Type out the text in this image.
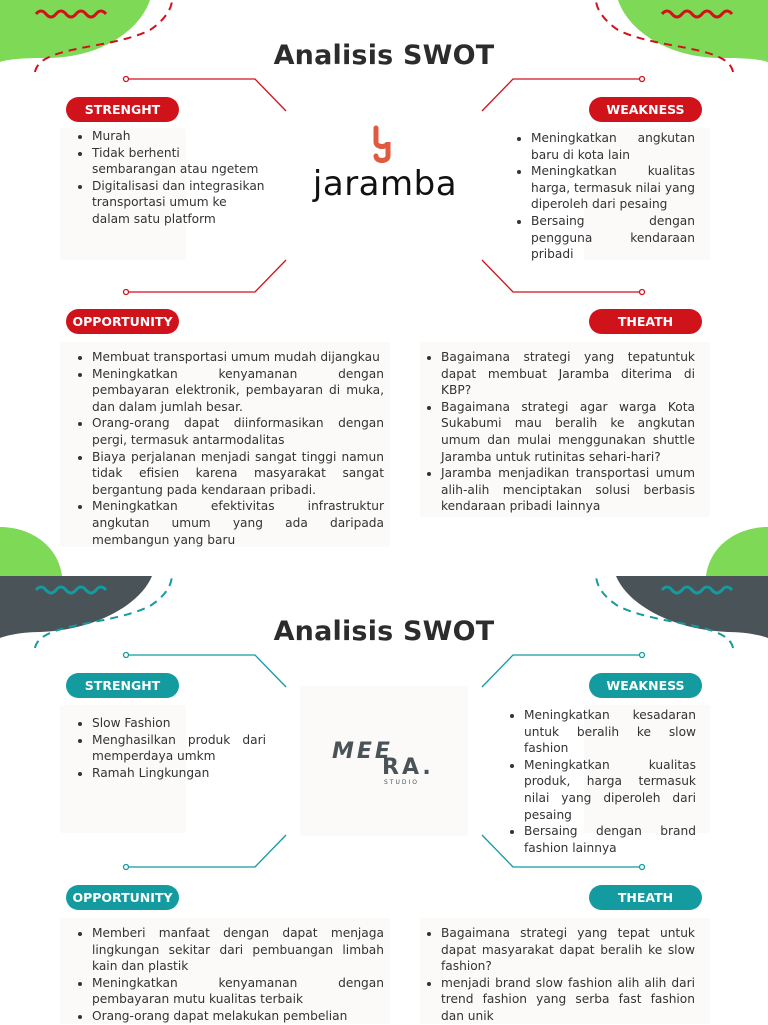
Analisis SWOT
jaramba
STRENGHT
• Murah
• Tidak berhenti sembarangan atau ngetem
• Digitalisasi dan integrasikan transportasi umum ke dalam satu platform
WEAKNESS
• Meningkatkan angkutan baru di kota lain
• Meningkatkan kualitas harga, termasuk nilai yang diperoleh dari pesaing
• Bersaing dengan pengguna kendaraan pribadi
OPPORTUNITY
• Membuat transportasi umum mudah dijangkau
• Meningkatkan kenyamanan dengan pembayaran elektronik, pembayaran di muka, dan dalam jumlah besar.
• Orang-orang dapat diinformasikan dengan pergi, termasuk antarmodalitas
• Biaya perjalanan menjadi sangat tinggi namun tidak efisien karena masyarakat sangat bergantung pada kendaraan pribadi.
• Meningkatkan efektivitas infrastruktur angkutan umum yang ada daripada membangun yang baru
THEATH
• Bagaimana strategi yang tepatuntuk dapat membuat Jaramba diterima di KBP?
• Bagaimana strategi agar warga Kota Sukabumi mau beralih ke angkutan umum dan mulai menggunakan shuttle Jaramba untuk rutinitas sehari-hari?
• Jaramba menjadikan transportasi umum alih-alih menciptakan solusi berbasis kendaraan pribadi lainnya
Analisis SWOT
MEE
RA.
STUDIO
STRENGHT
• Slow Fashion
• Menghasilkan produk dari memperdaya umkm
• Ramah Lingkungan
WEAKNESS
• Meningkatkan kesadaran untuk beralih ke slow fashion
• Meningkatkan kualitas produk, harga termasuk nilai yang diperoleh dari pesaing
• Bersaing dengan brand fashion lainnya
OPPORTUNITY
• Memberi manfaat dengan dapat menjaga lingkungan sekitar dari pembuangan limbah kain dan plastik
• Meningkatkan kenyamanan dengan pembayaran mutu kualitas terbaik
• Orang-orang dapat melakukan pembelian
THEATH
• Bagaimana strategi yang tepat untuk dapat masyarakat dapat beralih ke slow fashion?
• menjadi brand slow fashion alih alih dari trend fashion yang serba fast fashion dan unik
